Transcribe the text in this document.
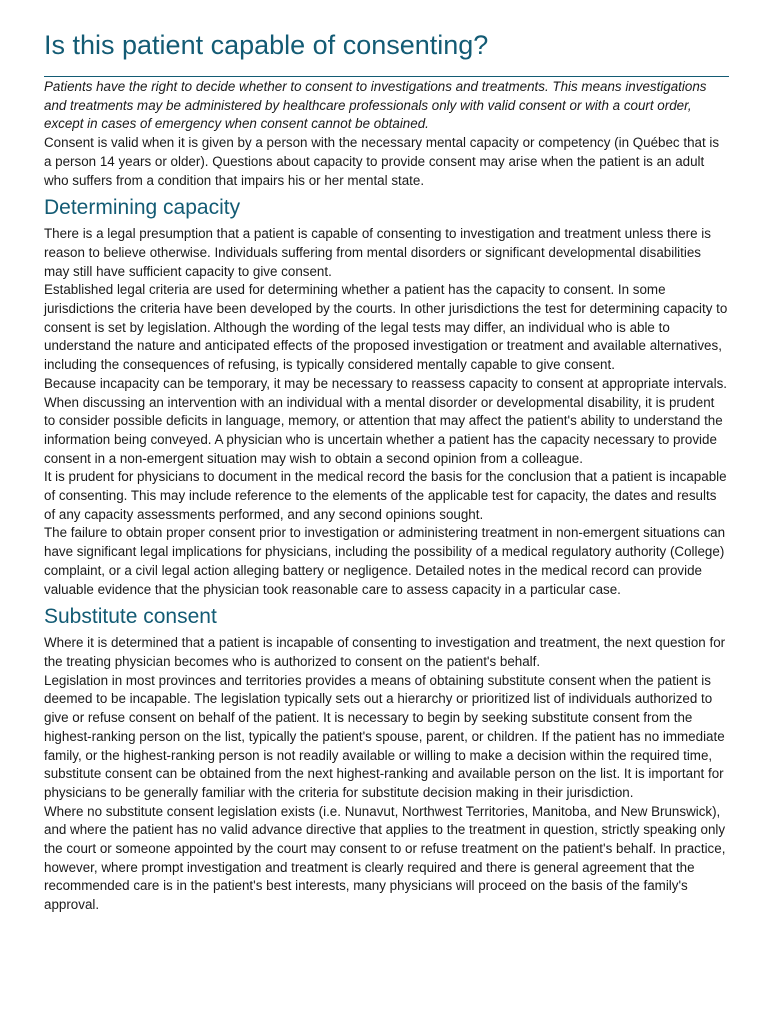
Is this patient capable of consenting?

Patients have the right to decide whether to consent to investigations and treatments. This means investigations and treatments may be administered by healthcare professionals only with valid consent or with a court order, except in cases of emergency when consent cannot be obtained.

Consent is valid when it is given by a person with the necessary mental capacity or competency (in Québec that is a person 14 years or older). Questions about capacity to provide consent may arise when the patient is an adult who suffers from a condition that impairs his or her mental state.

Determining capacity

There is a legal presumption that a patient is capable of consenting to investigation and treatment unless there is reason to believe otherwise. Individuals suffering from mental disorders or significant developmental disabilities may still have sufficient capacity to give consent.

Established legal criteria are used for determining whether a patient has the capacity to consent. In some jurisdictions the criteria have been developed by the courts. In other jurisdictions the test for determining capacity to consent is set by legislation. Although the wording of the legal tests may differ, an individual who is able to understand the nature and anticipated effects of the proposed investigation or treatment and available alternatives, including the consequences of refusing, is typically considered mentally capable to give consent.

Because incapacity can be temporary, it may be necessary to reassess capacity to consent at appropriate intervals.

When discussing an intervention with an individual with a mental disorder or developmental disability, it is prudent to consider possible deficits in language, memory, or attention that may affect the patient's ability to understand the information being conveyed. A physician who is uncertain whether a patient has the capacity necessary to provide consent in a non-emergent situation may wish to obtain a second opinion from a colleague.

It is prudent for physicians to document in the medical record the basis for the conclusion that a patient is incapable of consenting. This may include reference to the elements of the applicable test for capacity, the dates and results of any capacity assessments performed, and any second opinions sought.

The failure to obtain proper consent prior to investigation or administering treatment in non-emergent situations can have significant legal implications for physicians, including the possibility of a medical regulatory authority (College) complaint, or a civil legal action alleging battery or negligence. Detailed notes in the medical record can provide valuable evidence that the physician took reasonable care to assess capacity in a particular case.

Substitute consent

Where it is determined that a patient is incapable of consenting to investigation and treatment, the next question for the treating physician becomes who is authorized to consent on the patient's behalf.

Legislation in most provinces and territories provides a means of obtaining substitute consent when the patient is deemed to be incapable. The legislation typically sets out a hierarchy or prioritized list of individuals authorized to give or refuse consent on behalf of the patient. It is necessary to begin by seeking substitute consent from the highest-ranking person on the list, typically the patient's spouse, parent, or children. If the patient has no immediate family, or the highest-ranking person is not readily available or willing to make a decision within the required time, substitute consent can be obtained from the next highest-ranking and available person on the list. It is important for physicians to be generally familiar with the criteria for substitute decision making in their jurisdiction.

Where no substitute consent legislation exists (i.e. Nunavut, Northwest Territories, Manitoba, and New Brunswick), and where the patient has no valid advance directive that applies to the treatment in question, strictly speaking only the court or someone appointed by the court may consent to or refuse treatment on the patient's behalf. In practice, however, where prompt investigation and treatment is clearly required and there is general agreement that the recommended care is in the patient's best interests, many physicians will proceed on the basis of the family's approval.
